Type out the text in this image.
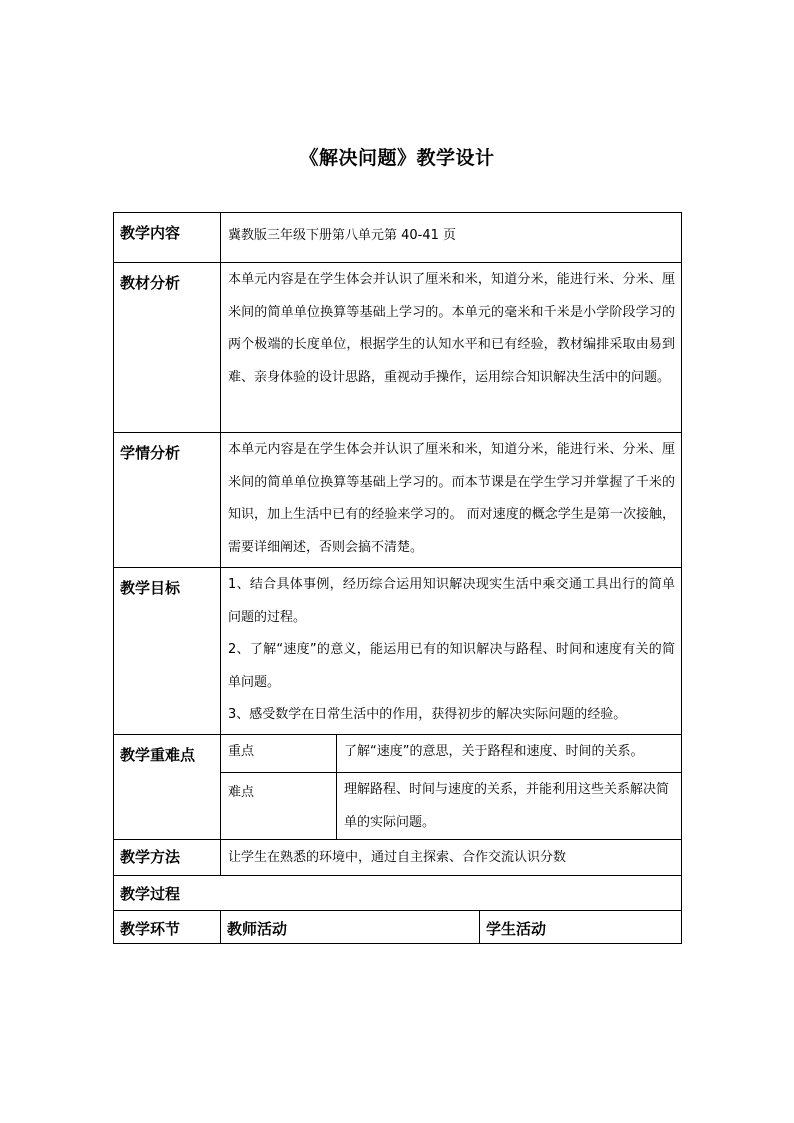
《解决问题》教学设计
教学内容	冀教版三年级下册第八单元第 40-41 页		
教材分析	本单元内容是在学生体会并认识了厘米和米，知道分米，能进行米、分米、厘米间的简单单位换算等基础上学习的。本单元的毫米和千米是小学阶段学习的两个极端的长度单位，根据学生的认知水平和已有经验，教材编排采取由易到难、亲身体验的设计思路，重视动手操作，运用综合知识解决生活中的问题。		
学情分析	本单元内容是在学生体会并认识了厘米和米，知道分米，能进行米、分米、厘米间的简单单位换算等基础上学习的。而本节课是在学生学习并掌握了千米的知识，加上生活中已有的经验来学习的。 而对速度的概念学生是第一次接触，需要详细阐述，否则会搞不清楚。		
教学目标	1、结合具体事例，经历综合运用知识解决现实生活中乘交通工具出行的简单问题的过程。

2、了解“速度”的意义，能运用已有的知识解决与路程、时间和速度有关的简单问题。

3、感受数学在日常生活中的作用，获得初步的解决实际问题的经验。		

教学重难点	重点	了解“速度”的意思，关于路程和速度、时间的关系。	
	难点	理解路程、时间与速度的关系，并能利用这些关系解决简单的实际问题。	
教学方法	让学生在熟悉的环境中，通过自主探索、合作交流认识分数		
教学过程			
教学环节	教师活动		学生活动
